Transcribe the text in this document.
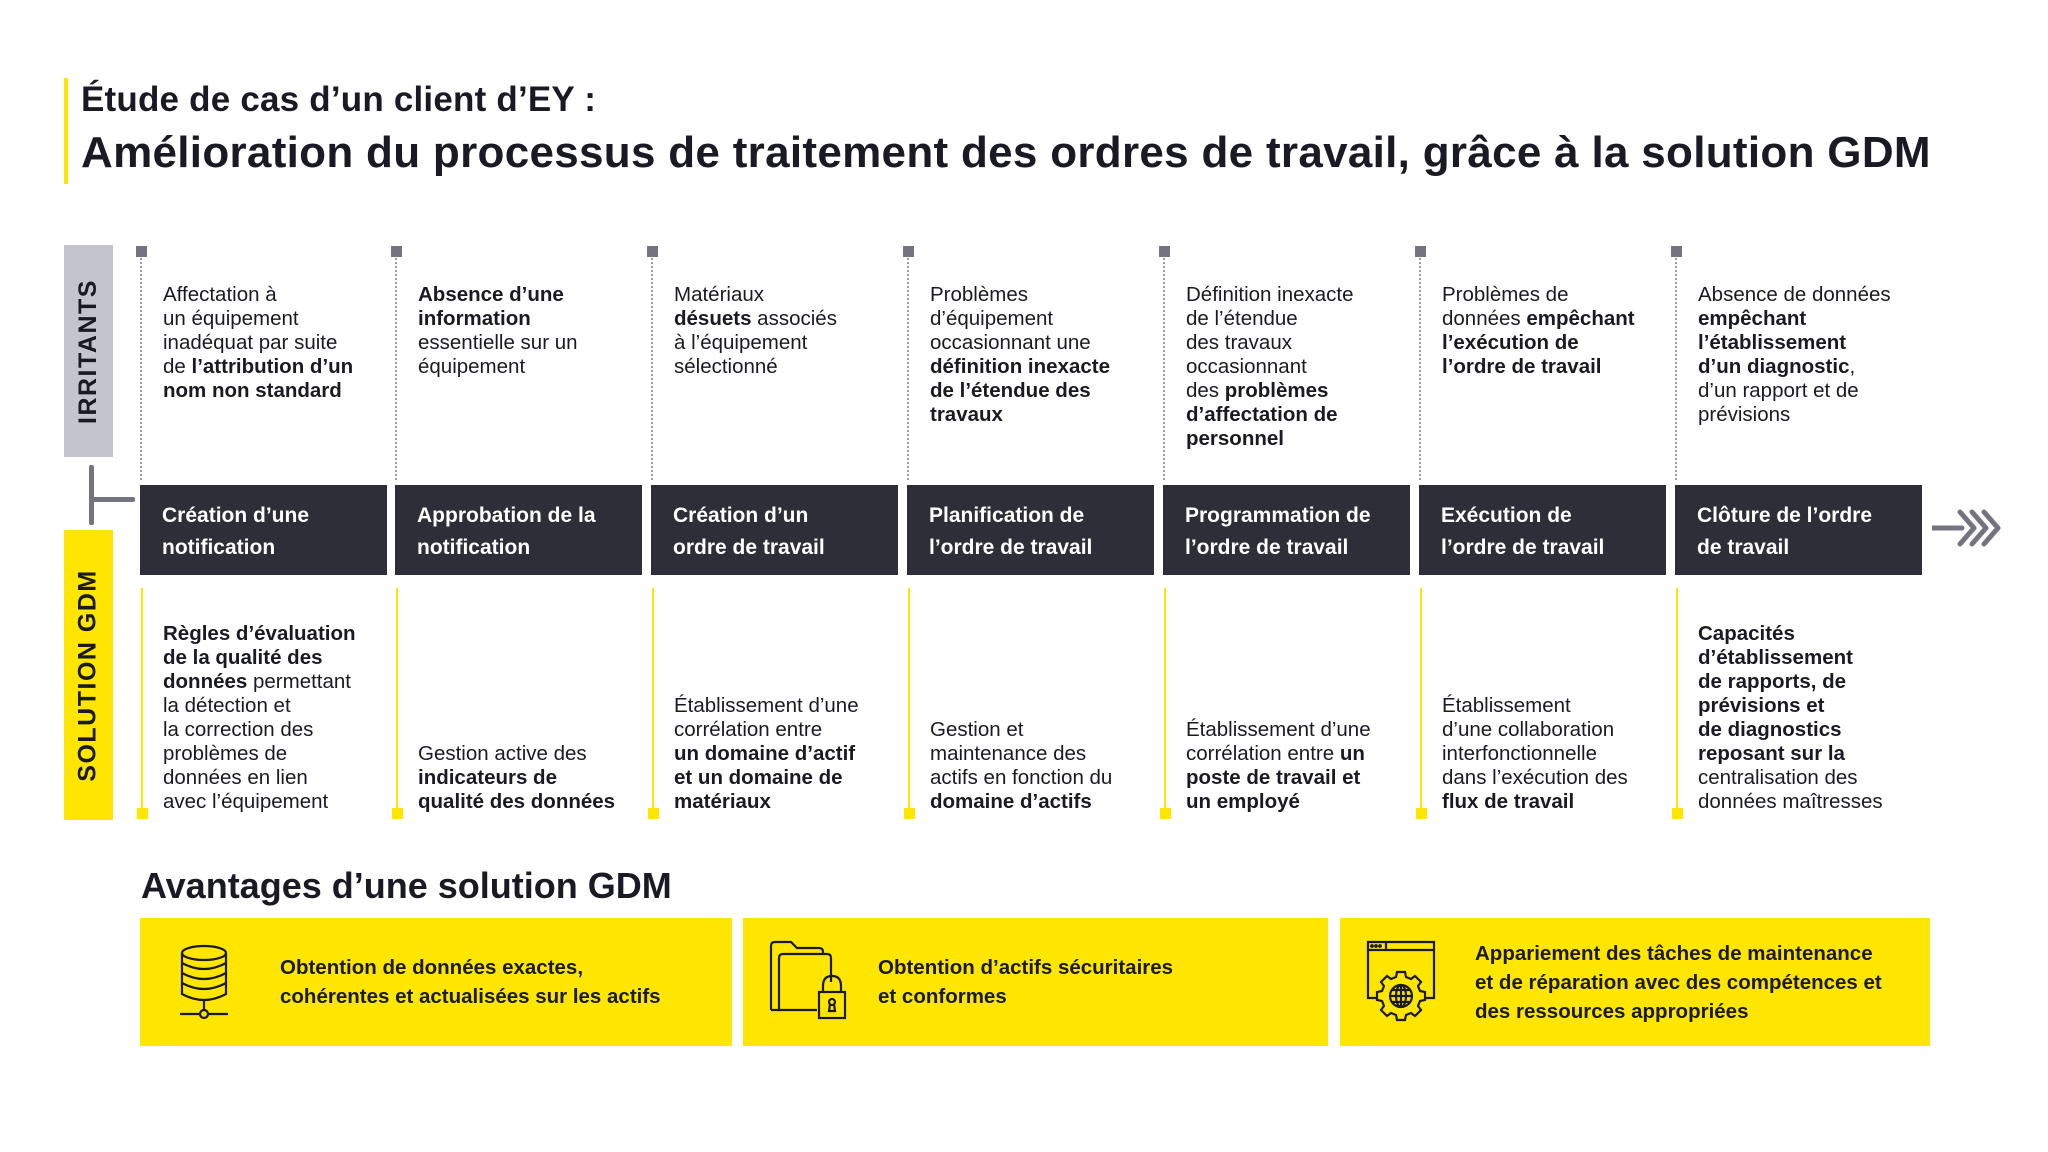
Étude de cas d’un client d’EY :
Amélioration du processus de traitement des ordres de travail, grâce à la solution GDM
IRRITANTS
SOLUTION GDM
Affectation à
un équipement
inadéquat par suite
de l’attribution d’un
nom non standard
Création d’une
notification
Règles d’évaluation
de la qualité des
données permettant
la détection et
la correction des
problèmes de
données en lien
avec l’équipement
Absence d’une
information
essentielle sur un
équipement
Approbation de la
notification
Gestion active des
indicateurs de
qualité des données
Matériaux
désuets associés
à l’équipement
sélectionné
Création d’un
ordre de travail
Établissement d’une
corrélation entre
un domaine d’actif
et un domaine de
matériaux
Problèmes
d’équipement
occasionnant une
définition inexacte
de l’étendue des
travaux
Planification de
l’ordre de travail
Gestion et
maintenance des
actifs en fonction du
domaine d’actifs
Définition inexacte
de l’étendue
des travaux
occasionnant
des problèmes
d’affectation de
personnel
Programmation de
l’ordre de travail
Établissement d’une
corrélation entre un
poste de travail et
un employé
Problèmes de
données empêchant
l’exécution de
l’ordre de travail
Exécution de
l’ordre de travail
Établissement
d’une collaboration
interfonctionnelle
dans l’exécution des
flux de travail
Absence de données
empêchant
l’établissement
d’un diagnostic,
d’un rapport et de
prévisions
Clôture de l’ordre
de travail
Capacités
d’établissement
de rapports, de
prévisions et
de diagnostics
reposant sur la
centralisation des
données maîtresses
Avantages d’une solution GDM
Obtention de données exactes,
cohérentes et actualisées sur les actifs
Obtention d’actifs sécuritaires
et conformes
Appariement des tâches de maintenance
et de réparation avec des compétences et
des ressources appropriées
